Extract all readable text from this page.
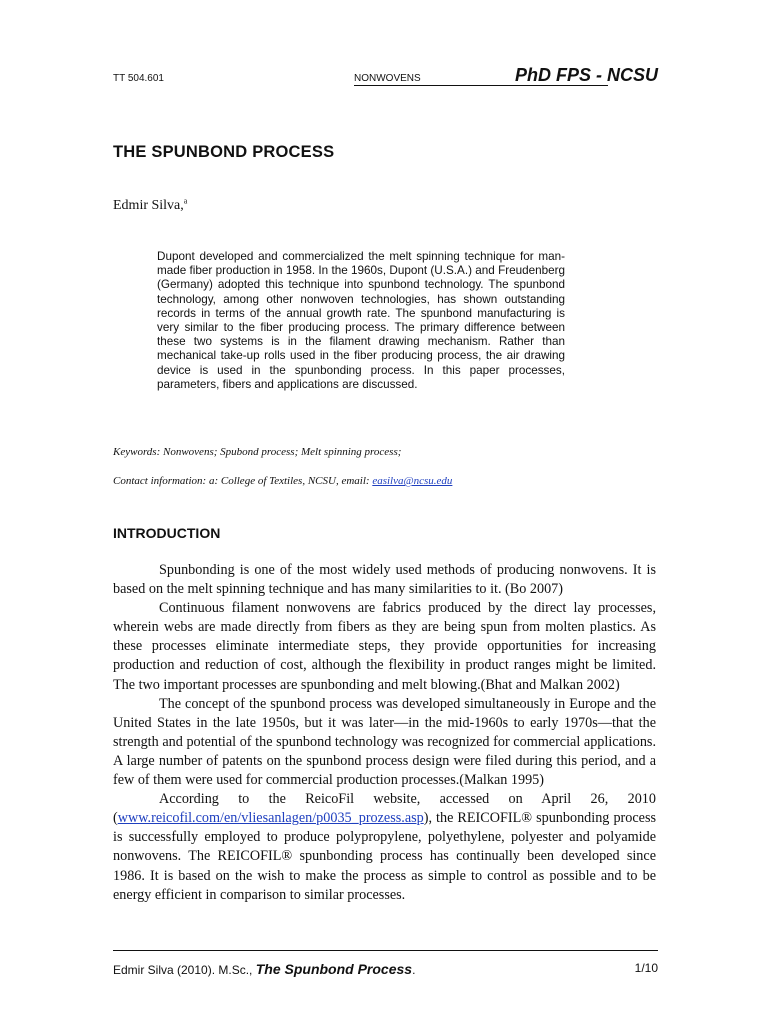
TT 504.601	NONWOVENS	PhD FPS - NCSU
THE SPUNBOND PROCESS
Edmir Silva,$^a$
Dupont developed and commercialized the melt spinning technique for man-made fiber production in 1958. In the 1960s, Dupont (U.S.A.) and Freudenberg (Germany) adopted this technique into spunbond technology. The spunbond technology, among other nonwoven technologies, has shown outstanding records in terms of the annual growth rate. The spunbond manufacturing is very similar to the fiber producing process. The primary difference between these two systems is in the filament drawing mechanism. Rather than mechanical take-up rolls used in the fiber producing process, the air drawing device is used in the spunbonding process. In this paper processes, parameters, fibers and applications are discussed.
Keywords: Nonwovens; Spubond process; Melt spinning process;
Contact information: a: College of Textiles, NCSU, email: easilva@ncsu.edu
INTRODUCTION

Spunbonding is one of the most widely used methods of producing nonwovens. It is based on the melt spinning technique and has many similarities to it. (Bo 2007)

Continuous filament nonwovens are fabrics produced by the direct lay processes, wherein webs are made directly from fibers as they are being spun from molten plastics. As these processes eliminate intermediate steps, they provide opportunities for increasing production and reduction of cost, although the flexibility in product ranges might be limited. The two important processes are spunbonding and melt blowing.(Bhat and Malkan 2002)

The concept of the spunbond process was developed simultaneously in Europe and the United States in the late 1950s, but it was later—in the mid-1960s to early 1970s—that the strength and potential of the spunbond technology was recognized for commercial applications. A large number of patents on the spunbond process design were filed during this period, and a few of them were used for commercial production processes.(Malkan 1995)

According to the ReicoFil website, accessed on April 26, 2010 (www.reicofil.com/en/vliesanlagen/p0035_prozess.asp), the REICOFIL® spunbonding process is successfully employed to produce polypropylene, polyethylene, polyester and polyamide nonwovens. The REICOFIL® spunbonding process has continually been developed since 1986. It is based on the wish to make the process as simple to control as possible and to be energy efficient in comparison to similar processes.

Edmir Silva (2010). M.Sc., The Spunbond Process.	1/10
